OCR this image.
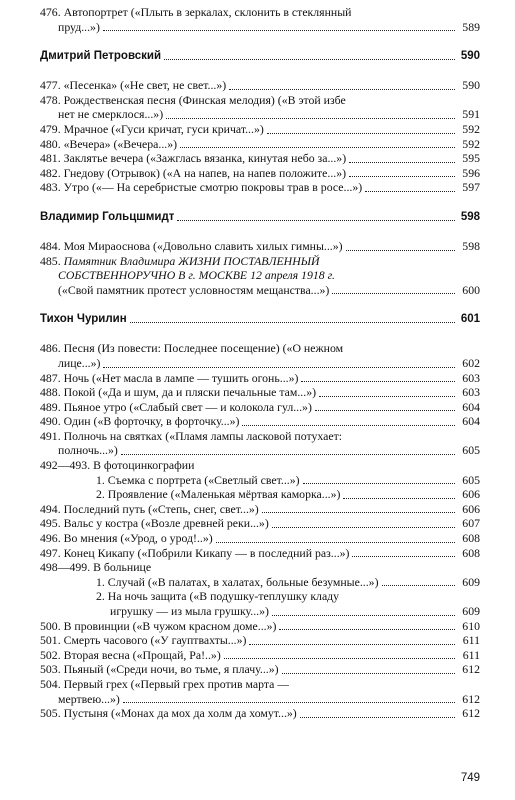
476. Автопортрет («Плыть в зеркалах, склонить в стеклянный
пруд...»)	589
Дмитрий Петровский	590
477. «Песенка» («Не свет, не свет...»)	590
478. Рождественская песня (Финская мелодия) («В этой избе
нет не смерклося...»)	591
479. Мрачное («Гуси кричат, гуси кричат...»)	592
480. «Вечера» («Вечера...»)	592
481. Заклятье вечера («Зажглась вязанка, кинутая небо за...»)	595
482. Гнедову (Отрывок) («А на напев, на напев положите...»)	596
483. Утро («— На серебристые смотрю покровы трав в росе...»)	597
Владимир Гольцшмидт	598
484. Моя Мираоснова («Довольно славить хилых гимны...»)	598
485. Памятник Владимира ЖИЗНИ ПОСТАВЛЕННЫЙ
СОБСТВЕННОРУЧНО В г. МОСКВЕ 12 апреля 1918 г.
(«Свой памятник протест условностям мещанства...»)	600
Тихон Чурилин	601
486. Песня (Из повести: Последнее посещение) («О нежном
лице...»)	602
487. Ночь («Нет масла в лампе — тушить огонь...»)	603
488. Покой («Да и шум, да и пляски печальные там...»)	603
489. Пьяное утро («Слабый свет — и колокола гул...»)	604
490. Один («В форточку, в форточку...»)	604
491. Полночь на святках («Пламя лампы ласковой потухает:
полночь...»)	605
492—493. В фотоцинкографии
1. Съемка с портрета («Светлый свет...»)	605
2. Проявление («Маленькая мёртвая каморка...»)	606
494. Последний путь («Степь, снег, свет...»)	606
495. Вальс у костра («Возле древней реки...»)	607
496. Во мнения («Урод, о урод!..»)	608
497. Конец Кикапу («Побрили Кикапу — в последний раз...»)	608
498—499. В больнице
1. Случай («В палатах, в халатах, больные безумные...»)	609
2. На ночь защита («В подушку-теплушку кладу
игрушку — из мыла грушку...»)	609
500. В провинции («В чужом красном доме...»)	610
501. Смерть часового («У гауптвахты...»)	611
502. Вторая весна («Прощай, Ра!..»)	611
503. Пьяный («Среди ночи, во тьме, я плачу...»)	612
504. Первый грех («Первый грех против марта —
мертвею...»)	612
505. Пустыня («Монах да мох да холм да хомут...»)	612
749
